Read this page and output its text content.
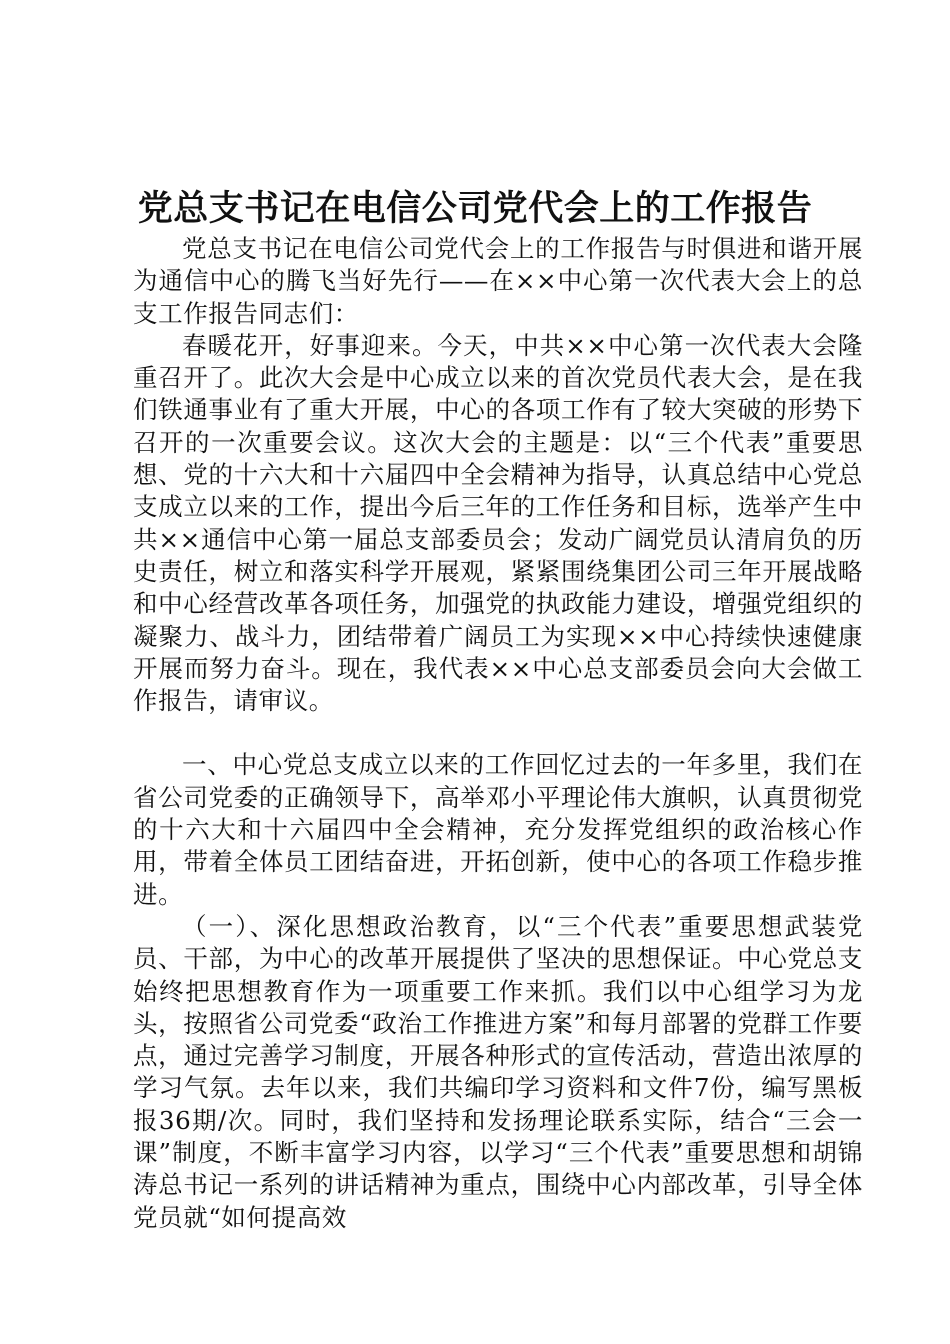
党总支书记在电信公司党代会上的工作报告

党总支书记在电信公司党代会上的工作报告与时俱进和谐开展为通信中心的腾飞当好先行——在××中心第一次代表大会上的总支工作报告同志们：

春暖花开，好事迎来。今天，中共××中心第一次代表大会隆重召开了。此次大会是中心成立以来的首次党员代表大会，是在我们铁通事业有了重大开展，中心的各项工作有了较大突破的形势下召开的一次重要会议。这次大会的主题是：以“三个代表”重要思想、党的十六大和十六届四中全会精神为指导，认真总结中心党总支成立以来的工作，提出今后三年的工作任务和目标，选举产生中共××通信中心第一届总支部委员会；发动广阔党员认清肩负的历史责任，树立和落实科学开展观，紧紧围绕集团公司三年开展战略和中心经营改革各项任务，加强党的执政能力建设，增强党组织的凝聚力、战斗力，团结带着广阔员工为实现××中心持续快速健康开展而努力奋斗。现在，我代表××中心总支部委员会向大会做工作报告，请审议。

一、中心党总支成立以来的工作回忆过去的一年多里，我们在省公司党委的正确领导下，高举邓小平理论伟大旗帜，认真贯彻党的十六大和十六届四中全会精神，充分发挥党组织的政治核心作用，带着全体员工团结奋进，开拓创新，使中心的各项工作稳步推进。

（一）、深化思想政治教育，以“三个代表”重要思想武装党员、干部，为中心的改革开展提供了坚决的思想保证。中心党总支始终把思想教育作为一项重要工作来抓。我们以中心组学习为龙头，按照省公司党委“政治工作推进方案”和每月部署的党群工作要点，通过完善学习制度，开展各种形式的宣传活动，营造出浓厚的学习气氛。去年以来，我们共编印学习资料和文件7份，编写黑板报36期/次。同时，我们坚持和发扬理论联系实际，结合“三会一课”制度，不断丰富学习内容，以学习“三个代表”重要思想和胡锦涛总书记一系列的讲话精神为重点，围绕中心内部改革，引导全体党员就“如何提高效
